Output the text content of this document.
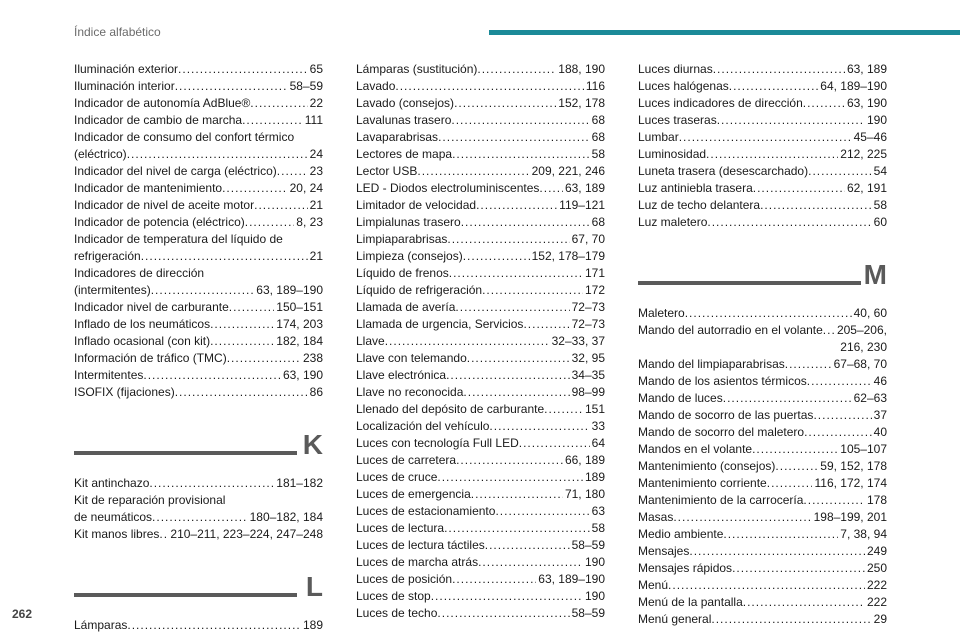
Índice alfabético
Iluminación exterior .....	65
Iluminación interior .....	58–59
Indicador de autonomía AdBlue® .....	22
Indicador de cambio de marcha .....	111
Indicador de consumo del confort térmico
(eléctrico) .....	24
Indicador del nivel de carga (eléctrico) .....	23
Indicador de mantenimiento .....	20, 24
Indicador de nivel de aceite motor .....	21
Indicador de potencia (eléctrico) .....	8, 23
Indicador de temperatura del líquido de
refrigeración .....	21
Indicadores de dirección
(intermitentes) .....	63, 189–190
Indicador nivel de carburante .....	150–151
Inflado de los neumáticos .....	174, 203
Inflado ocasional (con kit) .....	182, 184
Información de tráfico (TMC) .....	238
Intermitentes .....	63, 190
ISOFIX (fijaciones) .....	86
K
Kit antinchazo .....	181–182
Kit de reparación provisional
de neumáticos .....	180–182, 184
Kit manos libres ..... 210–211, 223–224, 247–248
L
Lámparas .....	189
Lámparas (sustitución) .....	188, 190
Lavado .....	116
Lavado (consejos) .....	152, 178
Lavalunas trasero .....	68
Lavaparabrisas .....	68
Lectores de mapa .....	58
Lector USB .....	209, 221, 246
LED - Diodos electroluminiscentes ..... 63, 189
Limitador de velocidad .....	119–121
Limpialunas trasero .....	68
Limpiaparabrisas .....	67, 70
Limpieza (consejos) .....	152, 178–179
Líquido de frenos .....	171
Líquido de refrigeración .....	172
Llamada de avería .....	72–73
Llamada de urgencia, Servicios .....	72–73
Llave .....	32–33, 37
Llave con telemando .....	32, 95
Llave electrónica .....	34–35
Llave no reconocida .....	98–99
Llenado del depósito de carburante .....	151
Localización del vehículo .....	33
Luces con tecnología Full LED .....	64
Luces de carretera .....	66, 189
Luces de cruce .....	189
Luces de emergencia .....	71, 180
Luces de estacionamiento .....	63
Luces de lectura .....	58
Luces de lectura táctiles .....	58–59
Luces de marcha atrás .....	190
Luces de posición .....	63, 189–190
Luces de stop .....	190
Luces de techo .....	58–59
Luces diurnas .....	63, 189
Luces halógenas .....	64, 189–190
Luces indicadores de dirección .....	63, 190
Luces traseras .....	190
Lumbar .....	45–46
Luminosidad .....	212, 225
Luneta trasera (desescarchado) .....	54
Luz antiniebla trasera .....	62, 191
Luz de techo delantera .....	58
Luz maletero .....	60
M
Maletero .....	40, 60
Mando del autorradio en el volante ..... 205–206,
216, 230
Mando del limpiaparabrisas .....	67–68, 70
Mando de los asientos térmicos .....	46
Mando de luces .....	62–63
Mando de socorro de las puertas .....	37
Mando de socorro del maletero .....	40
Mandos en el volante .....	105–107
Mantenimiento (consejos) .....	59, 152, 178
Mantenimiento corriente .....	116, 172, 174
Mantenimiento de la carrocería .....	178
Masas .....	198–199, 201
Medio ambiente .....	7, 38, 94
Mensajes .....	249
Mensajes rápidos .....	250
Menú .....	222
Menú de la pantalla .....	222
Menú general .....	29
262
